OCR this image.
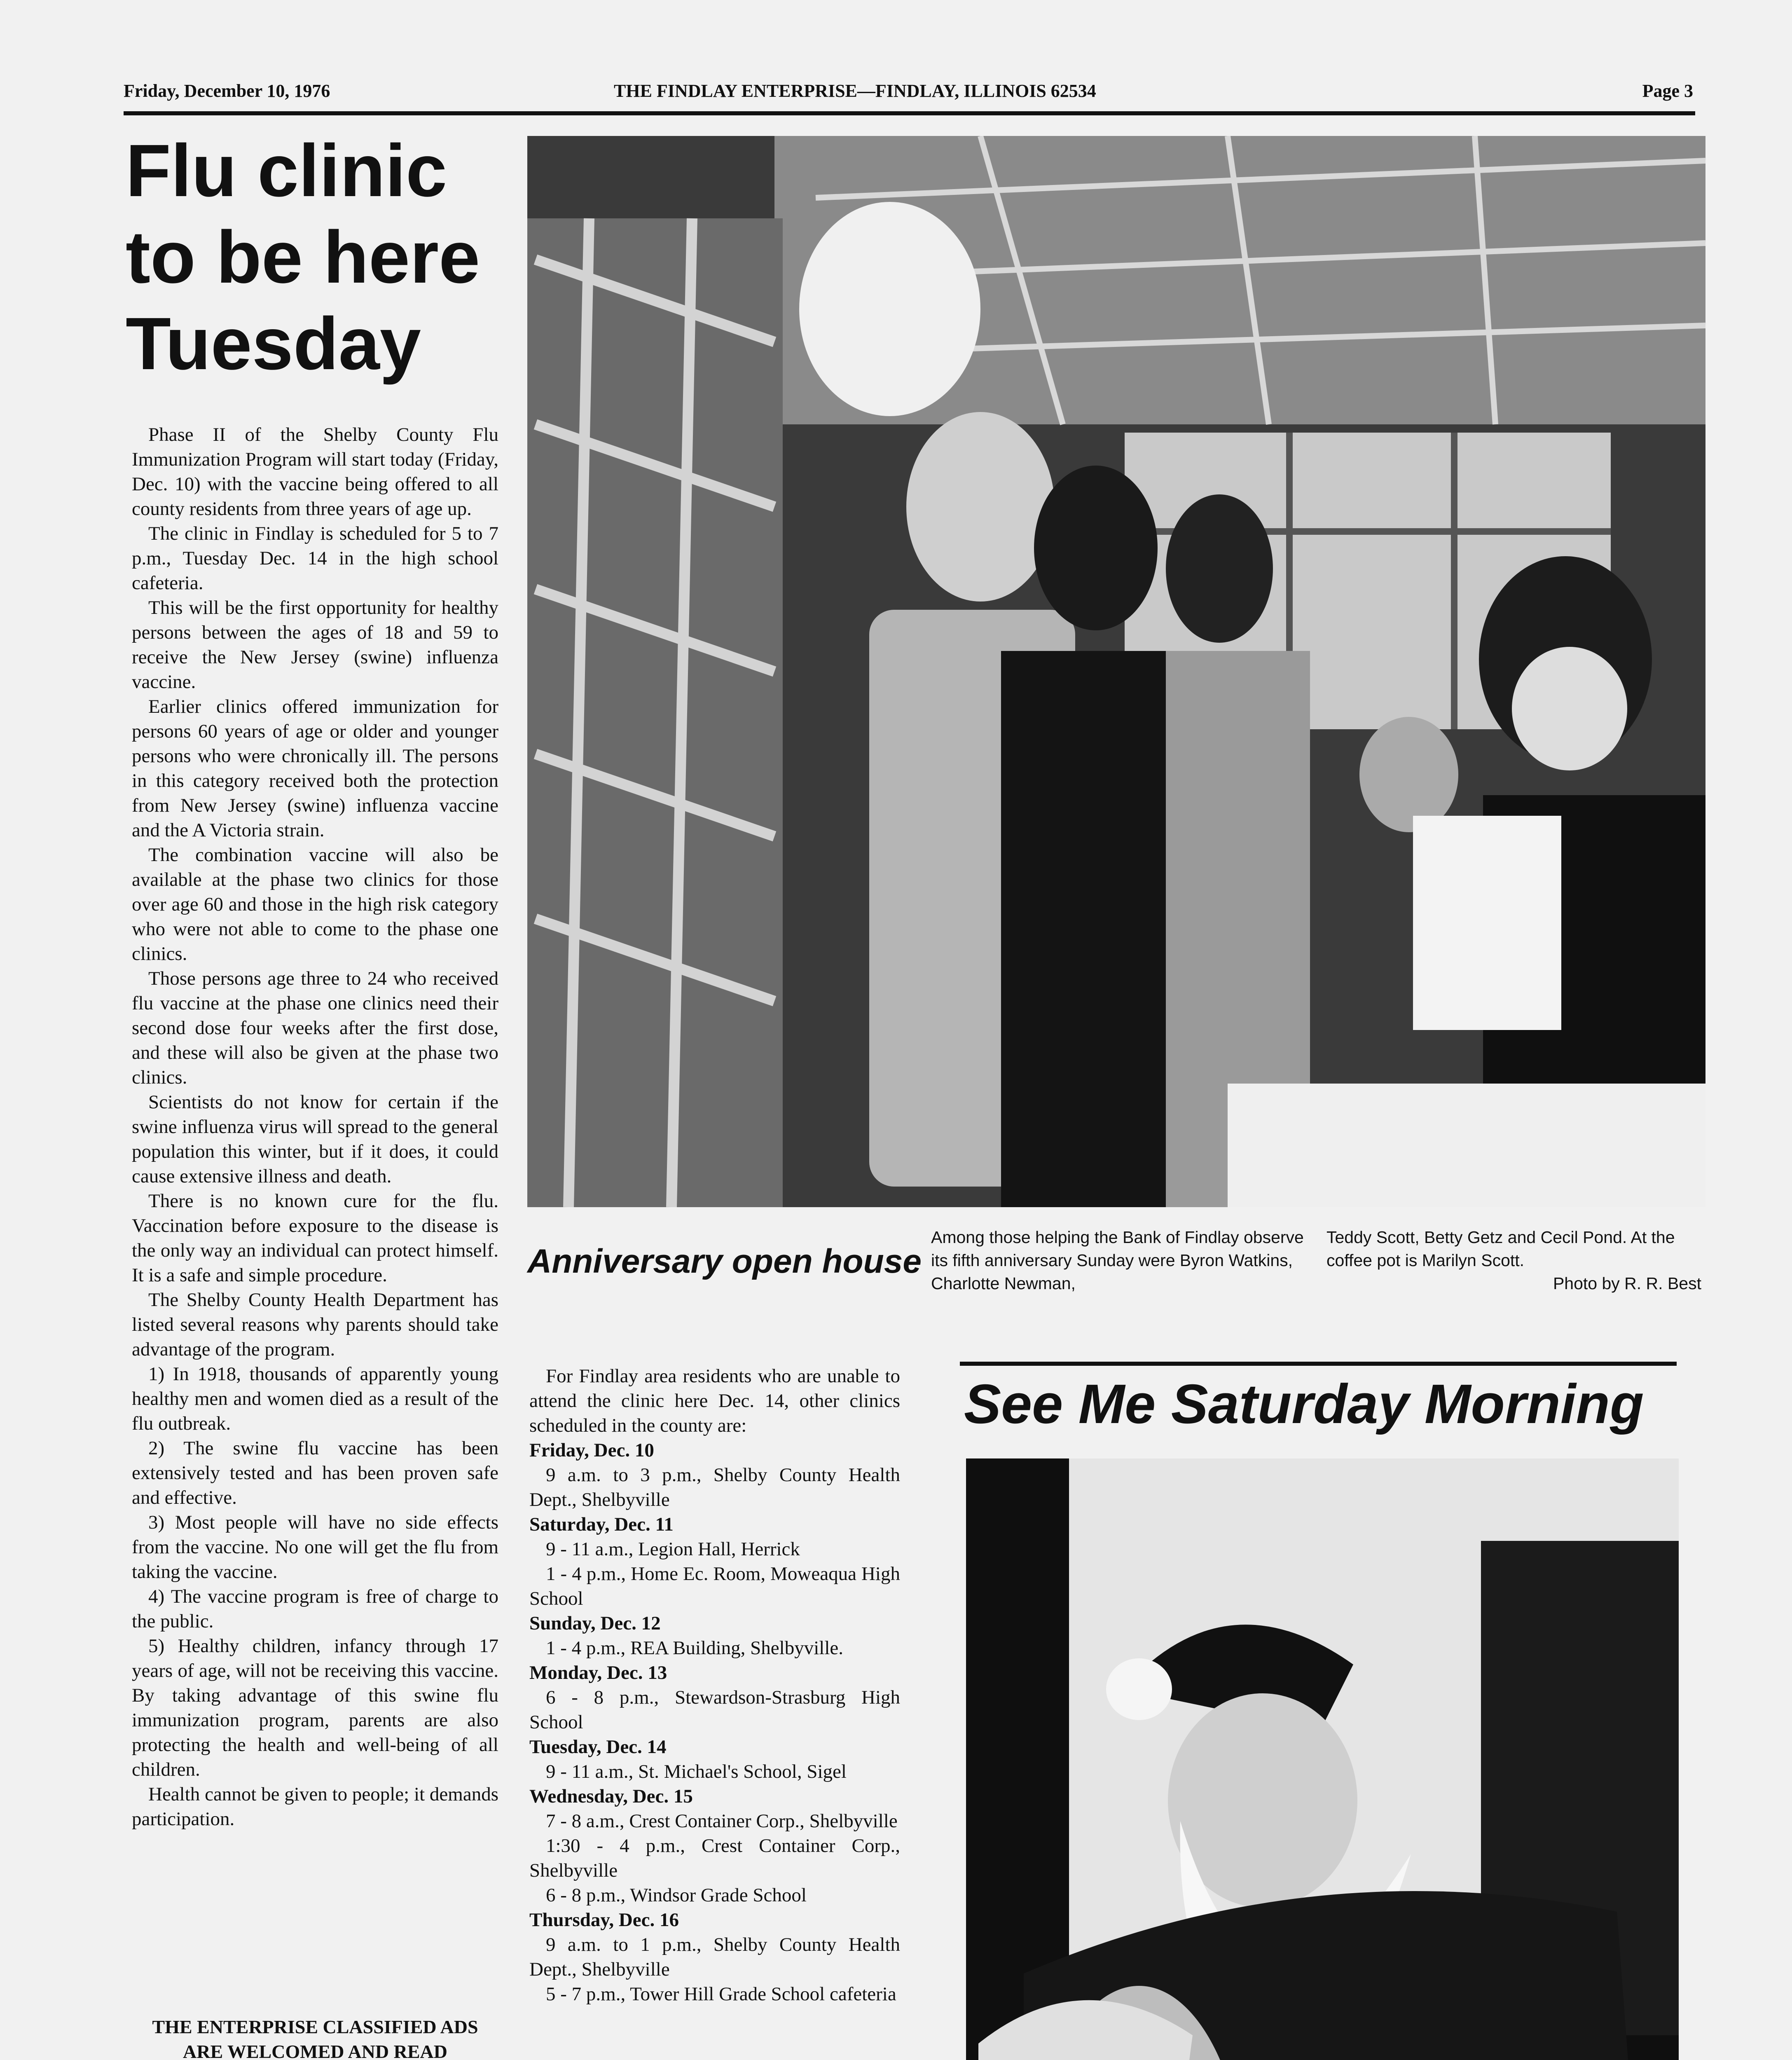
Friday, December 10, 1976	THE FINDLAY ENTERPRISE—FINDLAY, ILLINOIS 62534	Page 3
Flu clinic
to be here
Tuesday

Phase II of the Shelby County Flu Immunization Program will start today (Friday, Dec. 10) with the vaccine being offered to all county residents from three years of age up.

The clinic in Findlay is scheduled for 5 to 7 p.m., Tuesday Dec. 14 in the high school cafeteria.

This will be the first opportunity for healthy persons between the ages of 18 and 59 to receive the New Jersey (swine) influenza vaccine.

Earlier clinics offered immunization for persons 60 years of age or older and younger persons who were chronically ill. The persons in this category received both the protection from New Jersey (swine) influenza vaccine and the A Victoria strain.

The combination vaccine will also be available at the phase two clinics for those over age 60 and those in the high risk category who were not able to come to the phase one clinics.

Those persons age three to 24 who received flu vaccine at the phase one clinics need their second dose four weeks after the first dose, and these will also be given at the phase two clinics.

Scientists do not know for certain if the swine influenza virus will spread to the general population this winter, but if it does, it could cause extensive illness and death.

There is no known cure for the flu. Vaccination before exposure to the disease is the only way an individual can protect himself. It is a safe and simple procedure.

The Shelby County Health Department has listed several reasons why parents should take advantage of the program.

1) In 1918, thousands of apparently young healthy men and women died as a result of the flu outbreak.

2) The swine flu vaccine has been extensively tested and has been proven safe and effective.

3) Most people will have no side effects from the vaccine. No one will get the flu from taking the vaccine.

4) The vaccine program is free of charge to the public.

5) Healthy children, infancy through 17 years of age, will not be receiving this vaccine. By taking advantage of this swine flu immunization program, parents are also protecting the health and well-being of all children.

Health cannot be given to people; it demands participation.

THE ENTERPRISE CLASSIFIED ADS
ARE WELCOMED AND READ
Anniversary open house
Among those helping the Bank of Findlay observe its fifth anniversary Sunday were Byron Watkins, Charlotte Newman,
Teddy Scott, Betty Getz and Cecil Pond. At the coffee pot is Marilyn Scott.
Photo by R. R. Best

For Findlay area residents who are unable to attend the clinic here Dec. 14, other clinics scheduled in the county are:

Friday, Dec. 10

9 a.m. to 3 p.m., Shelby County Health Dept., Shelbyville

Saturday, Dec. 11

9 - 11 a.m., Legion Hall, Herrick

1 - 4 p.m., Home Ec. Room, Moweaqua High School

Sunday, Dec. 12

1 - 4 p.m., REA Building, Shelbyville.

Monday, Dec. 13

6 - 8 p.m., Stewardson-Strasburg High School

Tuesday, Dec. 14

9 - 11 a.m., St. Michael's School, Sigel

Wednesday, Dec. 15

7 - 8 a.m., Crest Container Corp., Shelbyville

1:30 - 4 p.m., Crest Container Corp., Shelbyville

6 - 8 p.m., Windsor Grade School

Thursday, Dec. 16

9 a.m. to 1 p.m., Shelby County Health Dept., Shelbyville

5 - 7 p.m., Tower Hill Grade School cafeteria

See Me Saturday Morning
